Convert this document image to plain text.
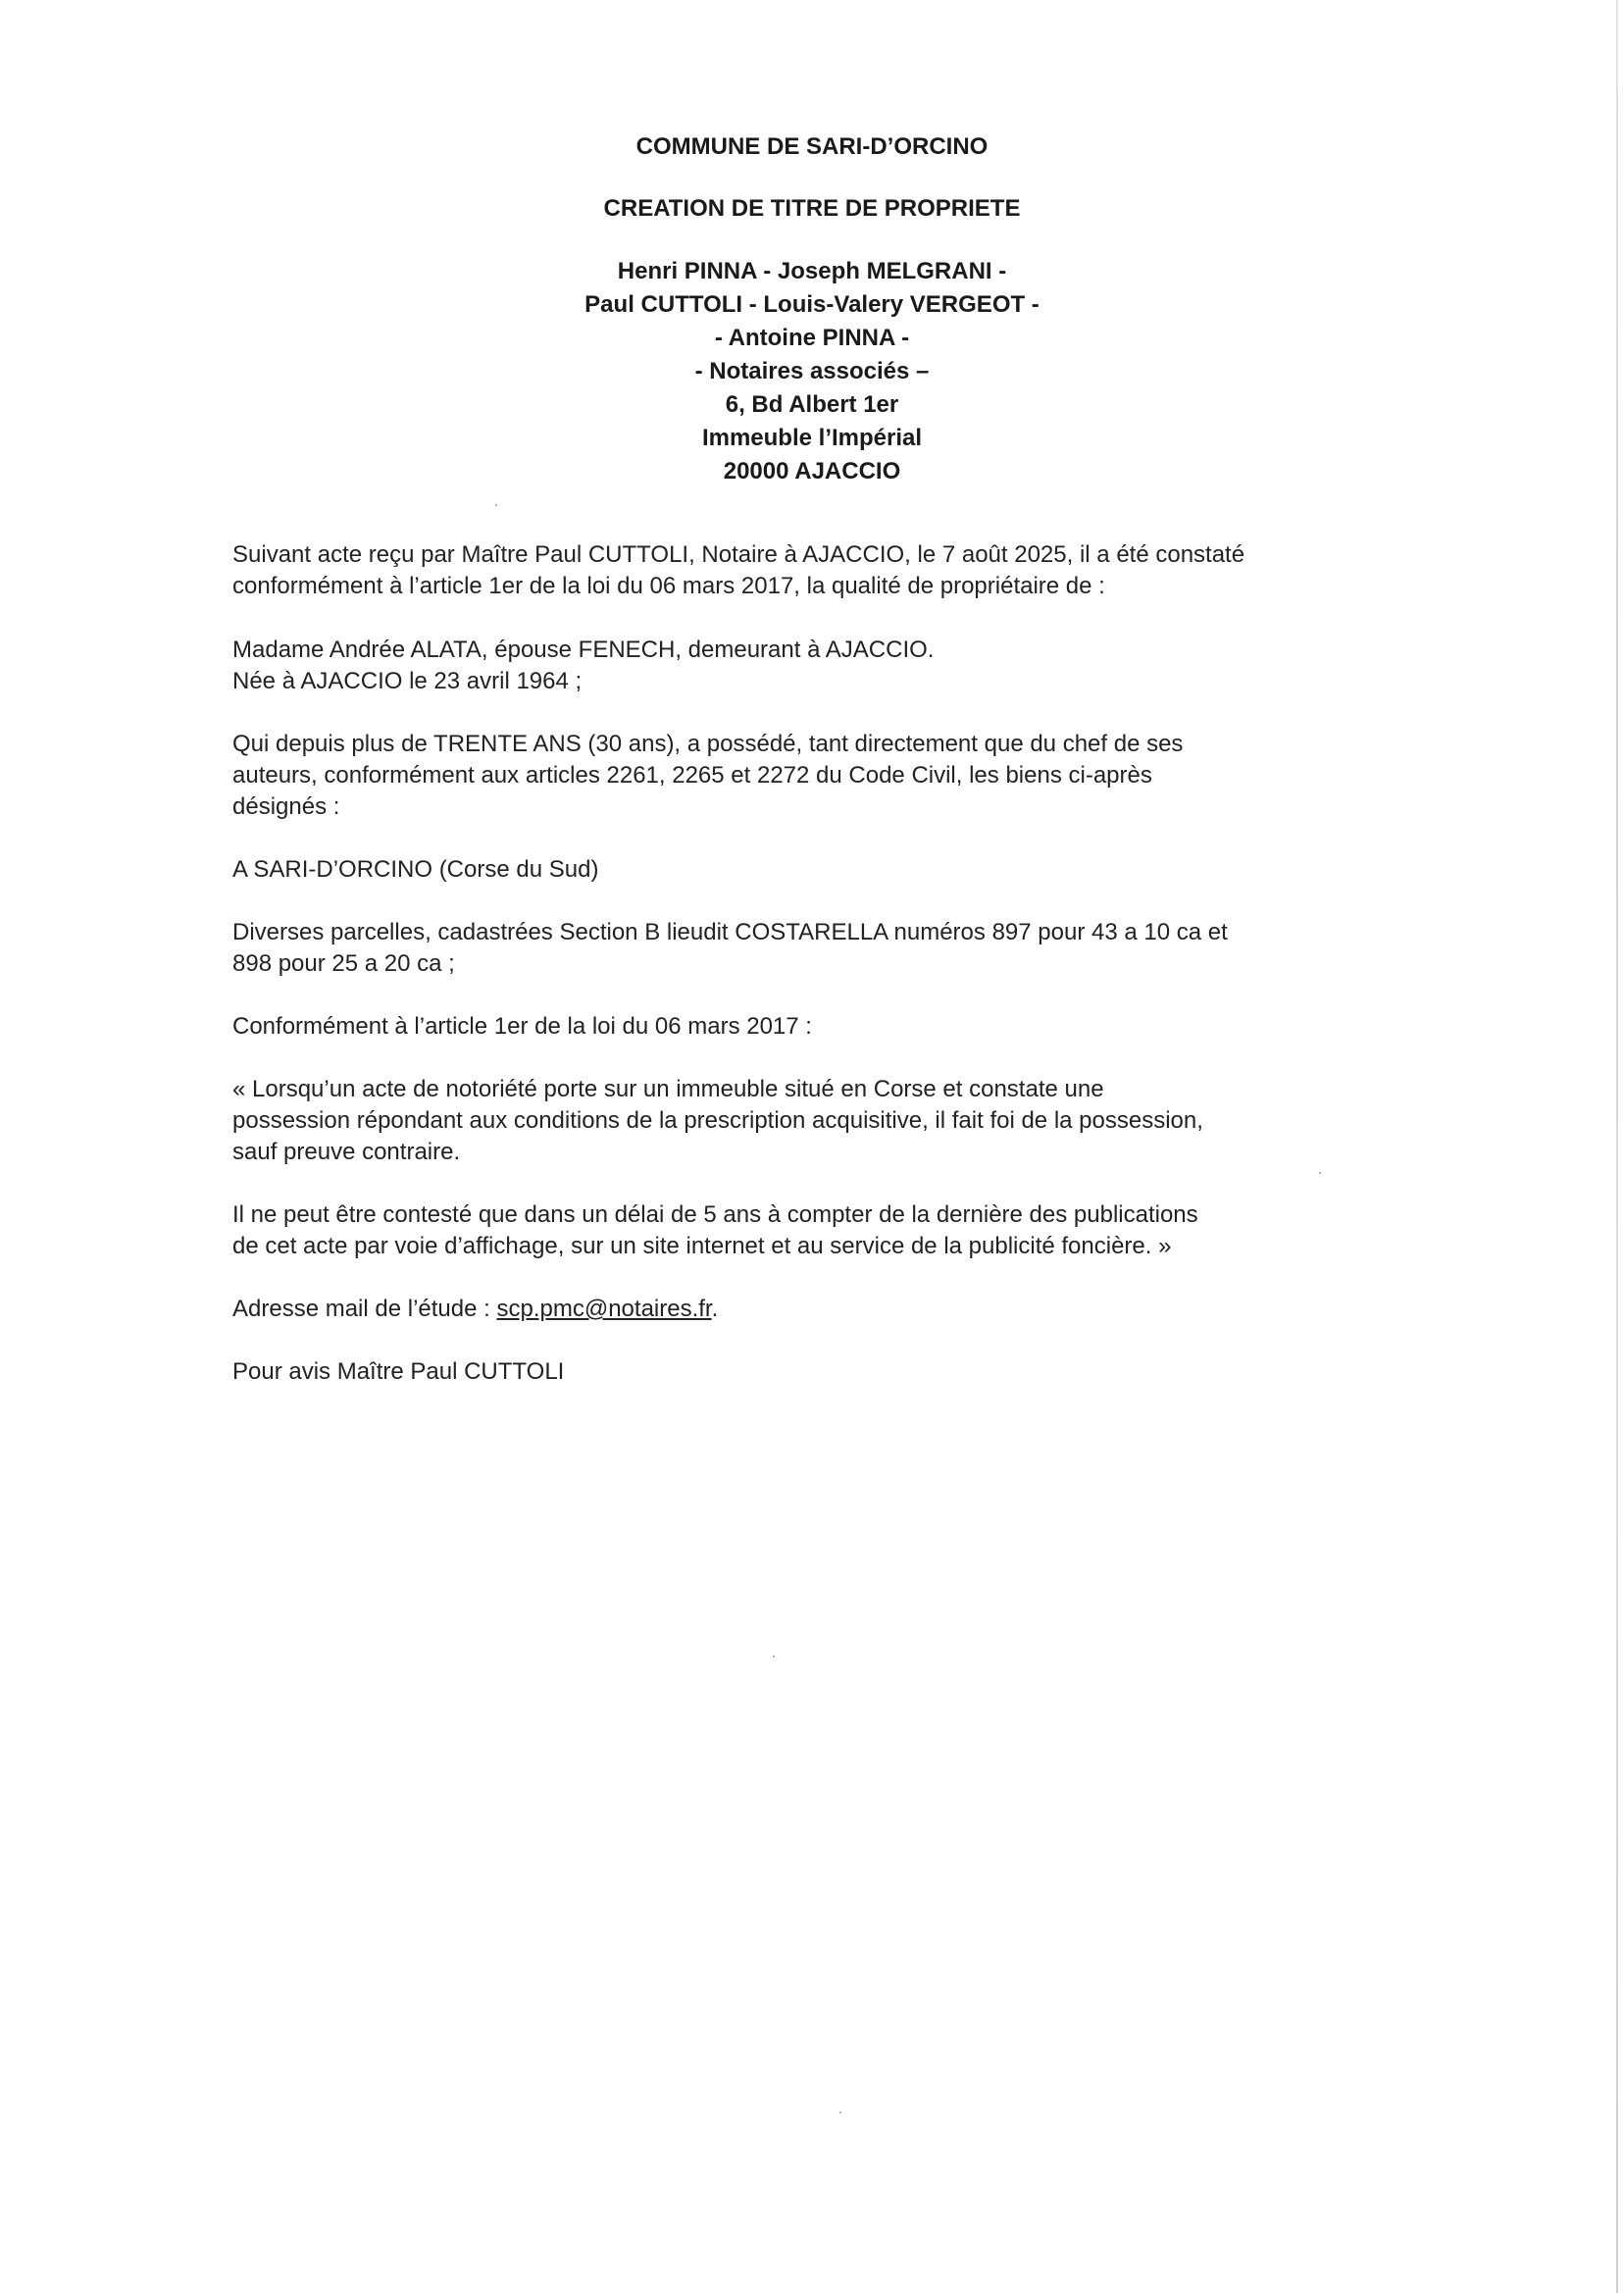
COMMUNE DE SARI-D’ORCINO
CREATION DE TITRE DE PROPRIETE
Henri PINNA - Joseph MELGRANI -
Paul CUTTOLI - Louis-Valery VERGEOT -
- Antoine PINNA -
- Notaires associés –
6, Bd Albert 1er
Immeuble l’Impérial
20000 AJACCIO

Suivant acte reçu par Maître Paul CUTTOLI, Notaire à AJACCIO, le 7 août 2025, il a été constaté

conformément à l’article 1er de la loi du 06 mars 2017, la qualité de propriétaire de :

Madame Andrée ALATA, épouse FENECH, demeurant à AJACCIO.

Née à AJACCIO le 23 avril 1964 ;

Qui depuis plus de TRENTE ANS (30 ans), a possédé, tant directement que du chef de ses

auteurs, conformément aux articles 2261, 2265 et 2272 du Code Civil, les biens ci-après

désignés :

A SARI-D’ORCINO (Corse du Sud)

Diverses parcelles, cadastrées Section B lieudit COSTARELLA numéros 897 pour 43 a 10 ca et

898 pour 25 a 20 ca ;

Conformément à l’article 1er de la loi du 06 mars 2017 :

« Lorsqu’un acte de notoriété porte sur un immeuble situé en Corse et constate une

possession répondant aux conditions de la prescription acquisitive, il fait foi de la possession,

sauf preuve contraire.

Il ne peut être contesté que dans un délai de 5 ans à compter de la dernière des publications

de cet acte par voie d’affichage, sur un site internet et au service de la publicité foncière. »

Adresse mail de l’étude : scp.pmc@notaires.fr.

Pour avis Maître Paul CUTTOLI
